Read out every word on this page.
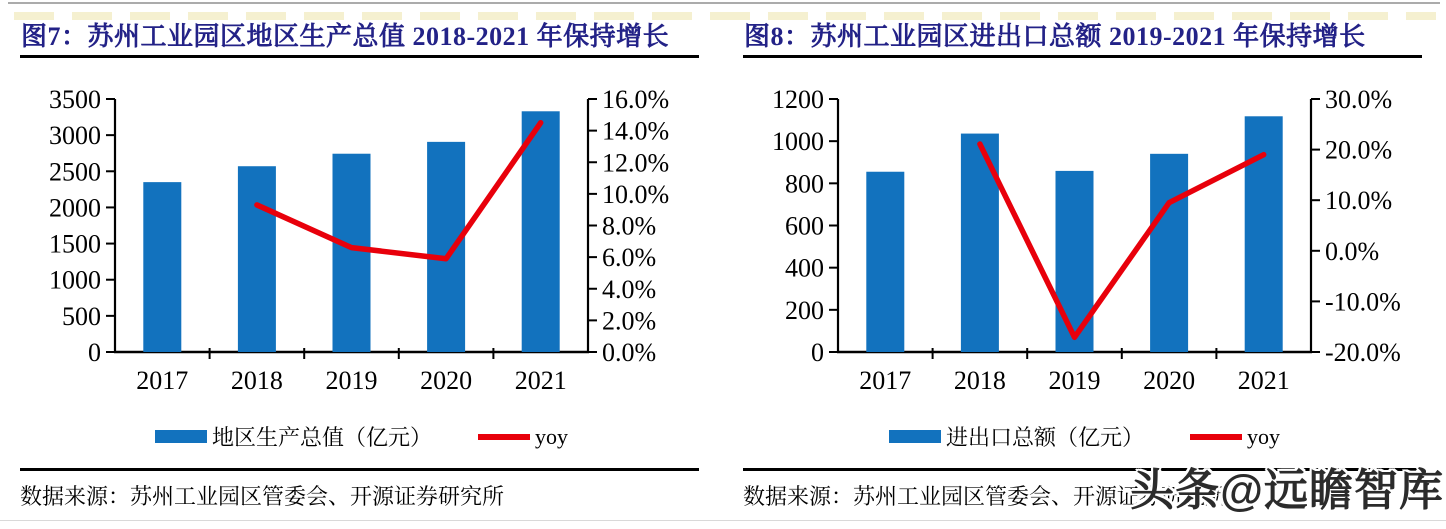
图7：苏州工业园区地区生产总值 2018-2021 年保持增长
3500
3000
2500
2000
1500
1000
500
0
16.0%
14.0%
12.0%
10.0%
8.0%
6.0%
4.0%
2.0%
0.0%
2017 2018 2019 2020 2021
地区生产总值（亿元）	yoy
数据来源：苏州工业园区管委会、开源证券研究所
图8：苏州工业园区进出口总额 2019-2021 年保持增长
1200
1000
800
600
400
200
0
30.0%
20.0%
10.0%
0.0%
-10.0%
-20.0%
2017 2018 2019 2020 2021
进出口总额（亿元）	yoy
数据来源：苏州工业园区管委会、开源证券研究所
头条@远瞻智库
